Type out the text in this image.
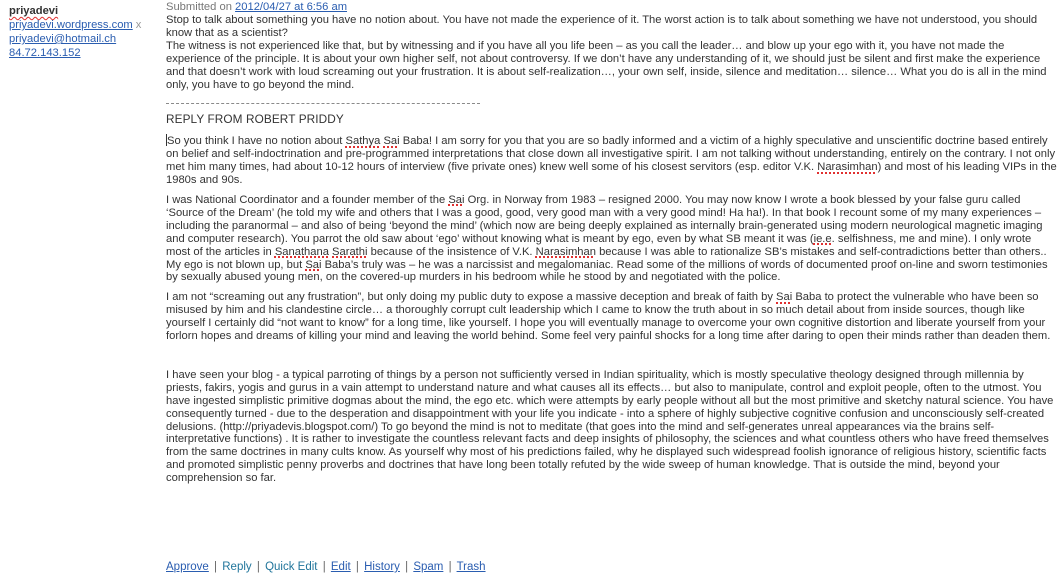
priyadevi
priyadevi.wordpress.com x
priyadevi@hotmail.ch
84.72.143.152
Submitted on 2012/04/27 at 6:56 am

Stop to talk about something you have no notion about. You have not made the experience of it. The worst action is to talk about something we have not understood, you should know that as a scientist?

The witness is not experienced like that, but by witnessing and if you have all you life been – as you call the leader… and blow up your ego with it, you have not made the experience of the principle. It is about your own higher self, not about controversy. If we don’t have any understanding of it, we should just be silent and first make the experience and that doesn’t work with loud screaming out your frustration. It is about self-realization…, your own self, inside, silence and meditation… silence… What you do is all in the mind only, you have to go beyond the mind.

REPLY FROM ROBERT PRIDDY

So you think I have no notion about Sathya Sai Baba! I am sorry for you that you are so badly informed and a victim of a highly speculative and unscientific doctrine based entirely on belief and self-indoctrination and pre-programmed interpretations that close down all investigative spirit. I am not talking without understanding, entirely on the contrary. I not only met him many times, had about 10-12 hours of interview (five private ones) knew well some of his closest servitors (esp. editor V.K. Narasimhan) and most of his leading VIPs in the 1980s and 90s.

I was National Coordinator and a founder member of the Sai Org. in Norway from 1983 – resigned 2000. You may now know I wrote a book blessed by your false guru called ‘Source of the Dream’ (he told my wife and others that I was a good, good, very good man with a very good mind! Ha ha!). In that book I recount some of my many experiences – including the paranormal – and also of being ‘beyond the mind’ (which now are being deeply explained as internally brain-generated using modern neurological magnetic imaging and computer research). You parrot the old saw about ‘ego’ without knowing what is meant by ego, even by what SB meant it was (ie.e. selfishness, me and mine). I only wrote most of the articles in Sanathana Sarathi because of the insistence of V.K. Narasimhan because I was able to rationalize SB’s mistakes and self-contradictions better than others.. My ego is not blown up, but Sai Baba’s truly was – he was a narcissist and megalomaniac. Read some of the millions of words of documented proof on-line and sworn testimonies by sexually abused young men, on the covered-up murders in his bedroom while he stood by and negotiated with the police.

I am not “screaming out any frustration”, but only doing my public duty to expose a massive deception and break of faith by Sai Baba to protect the vulnerable who have been so misused by him and his clandestine circle… a thoroughly corrupt cult leadership which I came to know the truth about in so much detail about from inside sources, though like yourself I certainly did “not want to know” for a long time, like yourself. I hope you will eventually manage to overcome your own cognitive distortion and liberate yourself from your forlorn hopes and dreams of killing your mind and leaving the world behind. Some feel very painful shocks for a long time after daring to open their minds rather than deaden them.

I have seen your blog - a typical parroting of things by a person not sufficiently versed in Indian spirituality, which is mostly speculative theology designed through millennia by priests, fakirs, yogis and gurus in a vain attempt to understand nature and what causes all its effects… but also to manipulate, control and exploit people, often to the utmost. You have ingested simplistic primitive dogmas about the mind, the ego etc. which were attempts by early people without all but the most primitive and sketchy natural science. You have consequently turned - due to the desperation and disappointment with your life you indicate - into a sphere of highly subjective cognitive confusion and unconsciously self-created delusions. (http://priyadevis.blogspot.com/) To go beyond the mind is not to meditate (that goes into the mind and self-generates unreal appearances via the brains self-interpretative functions) . It is rather to investigate the countless relevant facts and deep insights of philosophy, the sciences and what countless others who have freed themselves from the same doctrines in many cults know. As yourself why most of his predictions failed, why he displayed such widespread foolish ignorance of religious history, scientific facts and promoted simplistic penny proverbs and doctrines that have long been totally refuted by the wide sweep of human knowledge. That is outside the mind, beyond your comprehension so far.

Approve | Reply | Quick Edit | Edit | History | Spam | Trash
